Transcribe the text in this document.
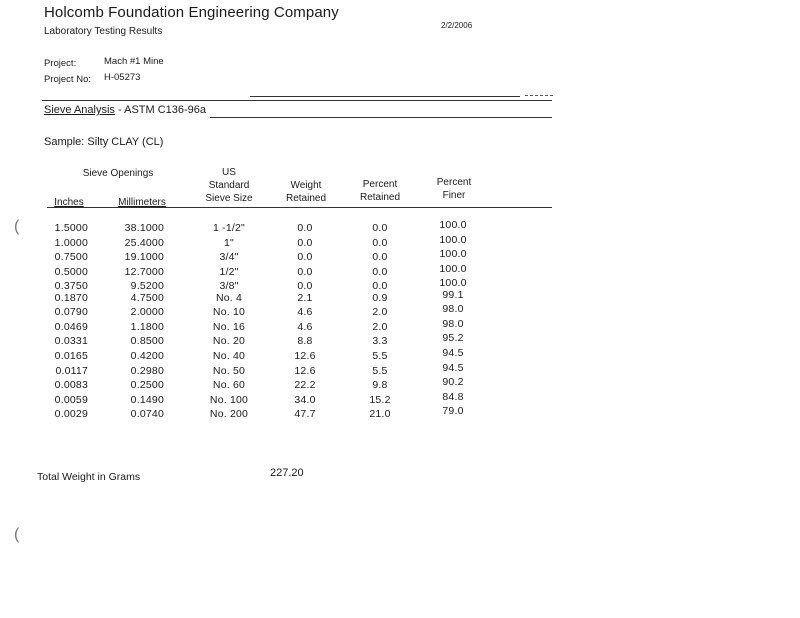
Holcomb Foundation Engineering Company
Laboratory Testing Results
2/2/2006
Project:	Mach #1 Mine
Project No: H-05273
Sieve Analysis - ASTM C136-96a
Sample: Silty CLAY (CL)
Sieve Openings
Inches	Millimeters
US
Standard
Sieve Size
Weight
Retained
Percent
Retained
Percent
Finer
1.5000	38.1000	1 -1/2"	0.0	0.0	100.0
1.0000	25.4000	1"	0.0	0.0	100.0
0.7500	19.1000	3/4"	0.0	0.0	100.0
0.5000	12.7000	1/2"	0.0	0.0	100.0
0.3750	9.5200	3/8"	0.0	0.0	100.0
0.1870	4.7500	No. 4	2.1	0.9	99.1
0.0790	2.0000	No. 10	4.6	2.0	98.0
0.0469	1.1800	No. 16	4.6	2.0	98.0
0.0331	0.8500	No. 20	8.8	3.3	95.2
0.0165	0.4200	No. 40	12.6	5.5	94.5
0.0117	0.2980	No. 50	12.6	5.5	94.5
0.0083	0.2500	No. 60	22.2	9.8	90.2
0.0059	0.1490	No. 100	34.0	15.2	84.8
0.0029	0.0740	No. 200	47.7	21.0	79.0
Total Weight in Grams	227.20
(
(
